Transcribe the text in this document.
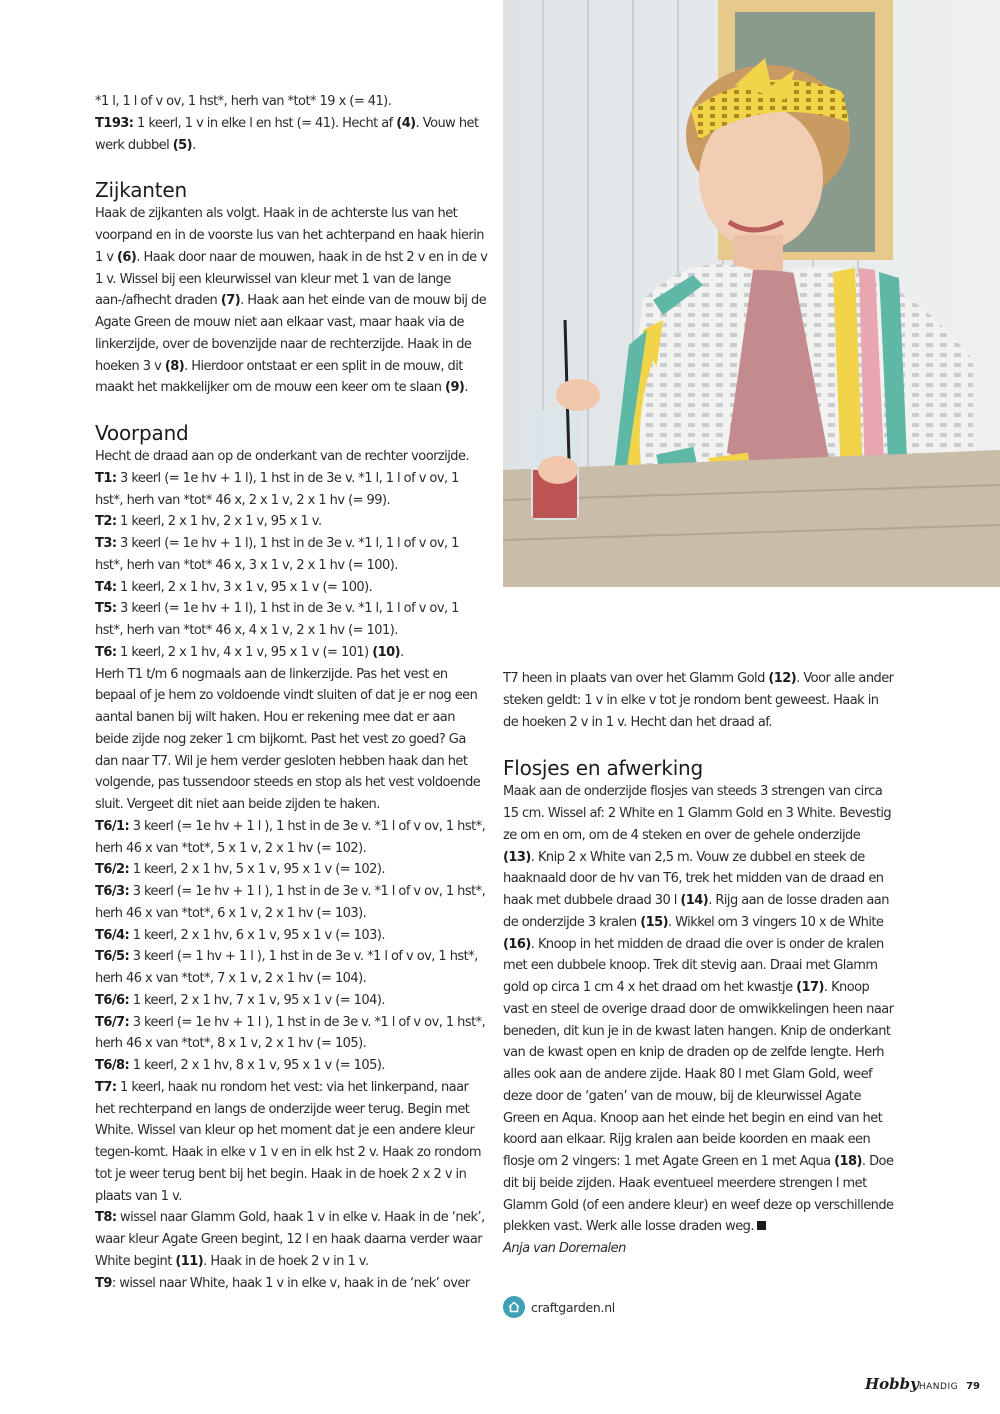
*1 l, 1 l of v ov, 1 hst*, herh van *tot* 19 x (= 41).

T193: 1 keerl, 1 v in elke l en hst (= 41). Hecht af (4). Vouw het werk dubbel (5).

Zijkanten

Haak de zijkanten als volgt. Haak in de achterste lus van het voorpand en in de voorste lus van het achterpand en haak hierin 1 v (6). Haak door naar de mouwen, haak in de hst 2 v en in de v 1 v. Wissel bij een kleurwissel van kleur met 1 van de lange aan-/afhecht draden (7). Haak aan het einde van de mouw bij de Agate Green de mouw niet aan elkaar vast, maar haak via de linkerzijde, over de bovenzijde naar de rechterzijde. Haak in de hoeken 3 v (8). Hierdoor ontstaat er een split in de mouw, dit maakt het makkelijker om de mouw een keer om te slaan (9).

Voorpand

Hecht de draad aan op de onderkant van de rechter voorzijde.

T1: 3 keerl (= 1e hv + 1 l), 1 hst in de 3e v. *1 l, 1 l of v ov, 1 hst*, herh van *tot* 46 x, 2 x 1 v, 2 x 1 hv (= 99).

T2: 1 keerl, 2 x 1 hv, 2 x 1 v, 95 x 1 v.

T3: 3 keerl (= 1e hv + 1 l), 1 hst in de 3e v. *1 l, 1 l of v ov, 1 hst*, herh van *tot* 46 x, 3 x 1 v, 2 x 1 hv (= 100).

T4: 1 keerl, 2 x 1 hv, 3 x 1 v, 95 x 1 v (= 100).

T5: 3 keerl (= 1e hv + 1 l), 1 hst in de 3e v. *1 l, 1 l of v ov, 1 hst*, herh van *tot* 46 x, 4 x 1 v, 2 x 1 hv (= 101).

T6: 1 keerl, 2 x 1 hv, 4 x 1 v, 95 x 1 v (= 101) (10).

Herh T1 t/m 6 nogmaals aan de linkerzijde. Pas het vest en bepaal of je hem zo voldoende vindt sluiten of dat je er nog een aantal banen bij wilt haken. Hou er rekening mee dat er aan beide zijde nog zeker 1 cm bijkomt. Past het vest zo goed? Ga dan naar T7. Wil je hem verder gesloten hebben haak dan het volgende, pas tussendoor steeds en stop als het vest voldoende sluit. Vergeet dit niet aan beide zijden te haken.

T6/1: 3 keerl (= 1e hv + 1 l ), 1 hst in de 3e v. *1 l of v ov, 1 hst*, herh 46 x van *tot*, 5 x 1 v, 2 x 1 hv (= 102).

T6/2: 1 keerl, 2 x 1 hv, 5 x 1 v, 95 x 1 v (= 102).

T6/3: 3 keerl (= 1e hv + 1 l ), 1 hst in de 3e v. *1 l of v ov, 1 hst*, herh 46 x van *tot*, 6 x 1 v, 2 x 1 hv (= 103).

T6/4: 1 keerl, 2 x 1 hv, 6 x 1 v, 95 x 1 v (= 103).

T6/5: 3 keerl (= 1 hv + 1 l ), 1 hst in de 3e v. *1 l of v ov, 1 hst*, herh 46 x van *tot*, 7 x 1 v, 2 x 1 hv (= 104).

T6/6: 1 keerl, 2 x 1 hv, 7 x 1 v, 95 x 1 v (= 104).

T6/7: 3 keerl (= 1e hv + 1 l ), 1 hst in de 3e v. *1 l of v ov, 1 hst*, herh 46 x van *tot*, 8 x 1 v, 2 x 1 hv (= 105).

T6/8: 1 keerl, 2 x 1 hv, 8 x 1 v, 95 x 1 v (= 105).

T7: 1 keerl, haak nu rondom het vest: via het linkerpand, naar het rechterpand en langs de onderzijde weer terug. Begin met White. Wissel van kleur op het moment dat je een andere kleur tegen-komt. Haak in elke v 1 v en in elk hst 2 v. Haak zo rondom tot je weer terug bent bij het begin. Haak in de hoek 2 x 2 v in plaats van 1 v.

T8: wissel naar Glamm Gold, haak 1 v in elke v. Haak in de ‘nek’, waar kleur Agate Green begint, 12 l en haak daarna verder waar White begint (11). Haak in de hoek 2 v in 1 v.

T9: wissel naar White, haak 1 v in elke v, haak in de ‘nek’ over

T7 heen in plaats van over het Glamm Gold (12). Voor alle ander steken geldt: 1 v in elke v tot je rondom bent geweest. Haak in de hoeken 2 v in 1 v. Hecht dan het draad af.

Flosjes en afwerking

Maak aan de onderzijde flosjes van steeds 3 strengen van circa 15 cm. Wissel af: 2 White en 1 Glamm Gold en 3 White. Bevestig ze om en om, om de 4 steken en over de gehele onderzijde (13). Knip 2 x White van 2,5 m. Vouw ze dubbel en steek de haaknaald door de hv van T6, trek het midden van de draad en haak met dubbele draad 30 l (14). Rijg aan de losse draden aan de onderzijde 3 kralen (15). Wikkel om 3 vingers 10 x de White (16). Knoop in het midden de draad die over is onder de kralen met een dubbele knoop. Trek dit stevig aan. Draai met Glamm gold op circa 1 cm 4 x het draad om het kwastje (17). Knoop vast en steel de overige draad door de omwikkelingen heen naar beneden, dit kun je in de kwast laten hangen. Knip de onderkant van de kwast open en knip de draden op de zelfde lengte. Herh alles ook aan de andere zijde. Haak 80 l met Glam Gold, weef deze door de ‘gaten’ van de mouw, bij de kleurwissel Agate Green en Aqua. Knoop aan het einde het begin en eind van het koord aan elkaar. Rijg kralen aan beide koorden en maak een flosje om 2 vingers: 1 met Agate Green en 1 met Aqua (18). Doe dit bij beide zijden. Haak eventueel meerdere strengen l met Glamm Gold (of een andere kleur) en weef deze op verschillende plekken vast. Werk alle losse draden weg.

Anja van Doremalen

craftgarden.nl
HobbyHANDIG 79
